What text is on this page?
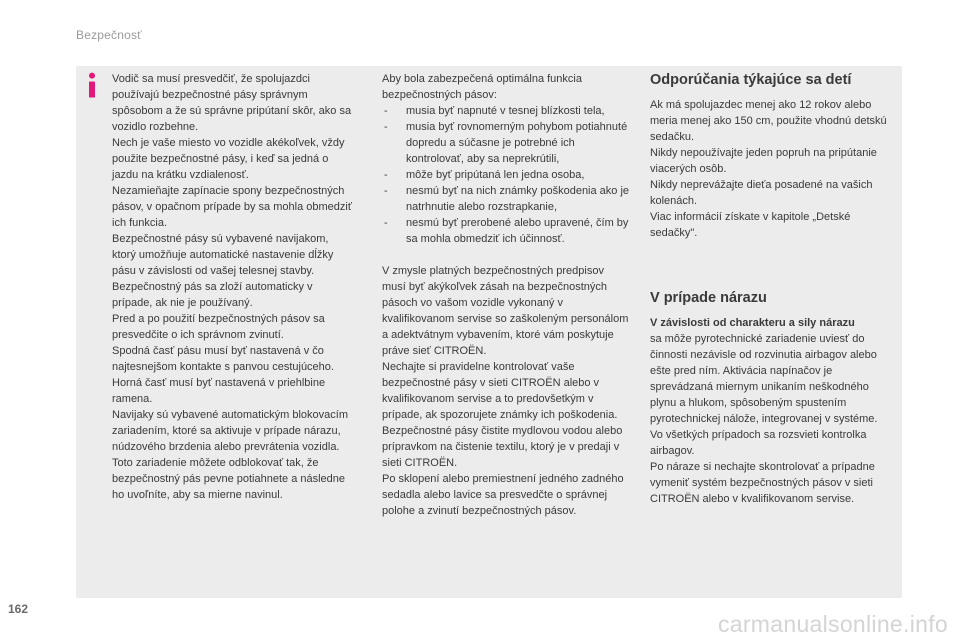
Bezpečnosť
Vodič sa musí presvedčiť, že spolujazdci používajú bezpečnostné pásy správnym spôsobom a že sú správne pripútaní skôr, ako sa vozidlo rozbehne.
Nech je vaše miesto vo vozidle akékoľvek, vždy použite bezpečnostné pásy, i keď sa jedná o jazdu na krátku vzdialenosť.
Nezamieňajte zapínacie spony bezpečnostných pásov, v opačnom prípade by sa mohla obmedziť ich funkcia.
Bezpečnostné pásy sú vybavené navijakom, ktorý umožňuje automatické nastavenie dĺžky pásu v závislosti od vašej telesnej stavby. Bezpečnostný pás sa zloží automaticky v prípade, ak nie je používaný.
Pred a po použití bezpečnostných pásov sa presvedčite o ich správnom zvinutí.
Spodná časť pásu musí byť nastavená v čo najtesnejšom kontakte s panvou cestujúceho.
Horná časť musí byť nastavená v priehlbine ramena.
Navijaky sú vybavené automatickým blokovacím zariadením, ktoré sa aktivuje v prípade nárazu, núdzového brzdenia alebo prevrátenia vozidla. Toto zariadenie môžete odblokovať tak, že bezpečnostný pás pevne potiahnete a následne ho uvoľníte, aby sa mierne navinul.

Aby bola zabezpečená optimálna funkcia bezpečnostných pásov:

- musia byť napnuté v tesnej blízkosti tela,
- musia byť rovnomerným pohybom potiahnuté dopredu a súčasne je potrebné ich kontrolovať, aby sa neprekrútili,
- môže byť pripútaná len jedna osoba,
- nesmú byť na nich známky poškodenia ako je natrhnutie alebo rozstrapkanie,
- nesmú byť prerobené alebo upravené, čím by sa mohla obmedziť ich účinnosť.
V zmysle platných bezpečnostných predpisov musí byť akýkoľvek zásah na bezpečnostných pásoch vo vašom vozidle vykonaný v kvalifikovanom servise so zaškoleným personálom a adektvátnym vybavením, ktoré vám poskytuje práve sieť CITROËN.
Nechajte si pravidelne kontrolovať vaše bezpečnostné pásy v sieti CITROËN alebo v kvalifikovanom servise a to predovšetkým v prípade, ak spozorujete známky ich poškodenia.
Bezpečnostné pásy čistite mydlovou vodou alebo prípravkom na čistenie textilu, ktorý je v predaji v sieti CITROËN.
Po sklopení alebo premiestnení jedného zadného sedadla alebo lavice sa presvedčte o správnej polohe a zvinutí bezpečnostných pásov.
Odporúčania týkajúce sa detí
Ak má spolujazdec menej ako 12 rokov alebo meria menej ako 150 cm, použite vhodnú detskú sedačku.
Nikdy nepoužívajte jeden popruh na pripútanie viacerých osôb.
Nikdy neprevážajte dieťa posadené na vašich kolenách.
Viac informácií získate v kapitole „Detské sedačky".
V prípade nárazu

V závislosti od charakteru a sily nárazu

sa môže pyrotechnické zariadenie uviesť do činnosti nezávisle od rozvinutia airbagov alebo ešte pred ním. Aktivácia napínačov je sprevádzaná miernym unikaním neškodného plynu a hlukom, spôsobeným spustením pyrotechnickej nálože, integrovanej v systéme.
Vo všetkých prípadoch sa rozsvieti kontrolka airbagov.
Po náraze si nechajte skontrolovať a prípadne vymeniť systém bezpečnostných pásov v sieti CITROËN alebo v kvalifikovanom servise.
162
carmanualsonline.info
